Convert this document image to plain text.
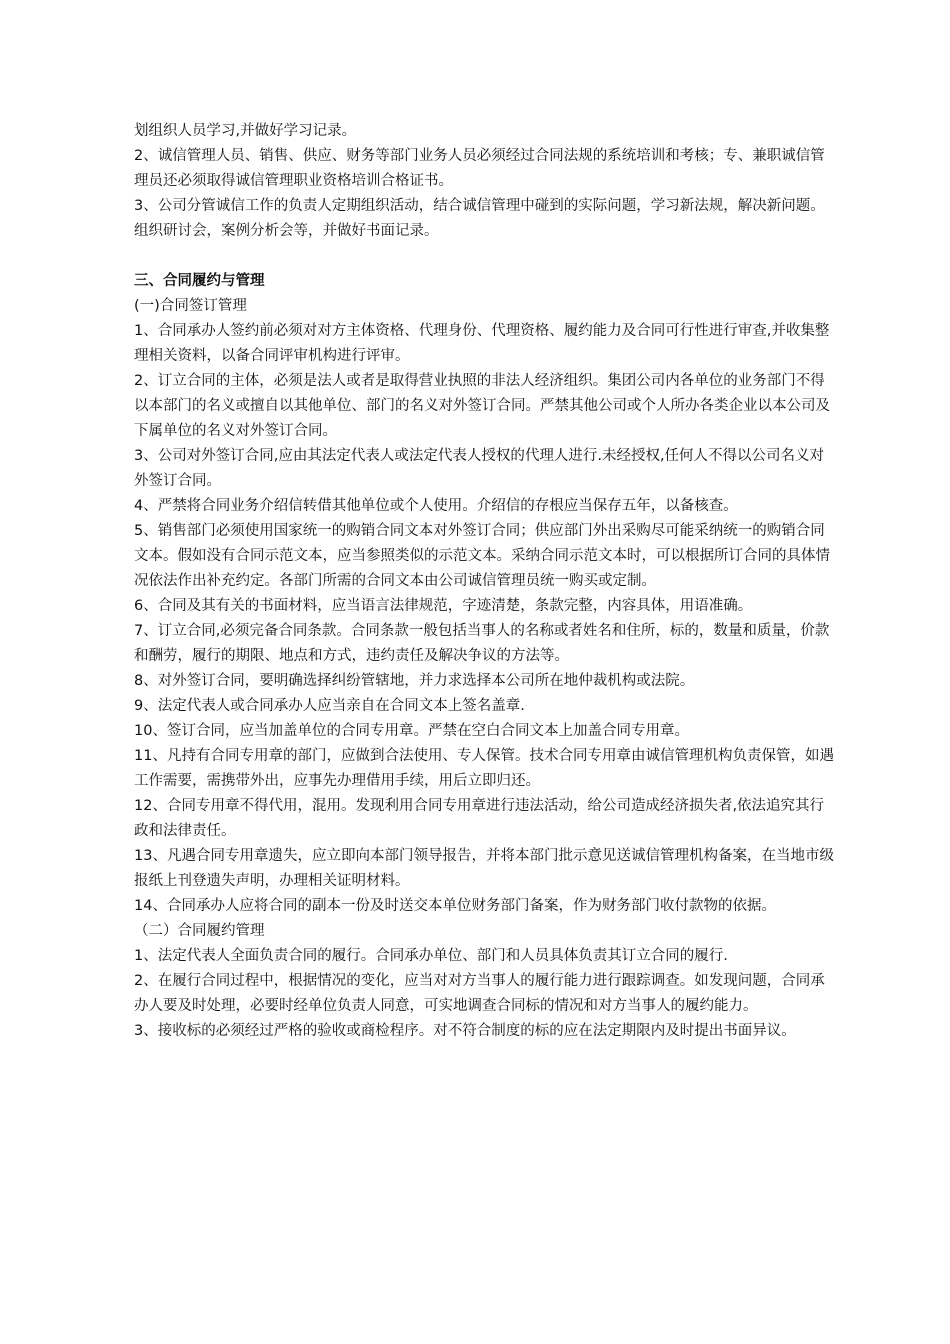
划组织人员学习,并做好学习记录。

2、诚信管理人员、销售、供应、财务等部门业务人员必须经过合同法规的系统培训和考核；专、兼职诚信管理员还必须取得诚信管理职业资格培训合格证书。

3、公司分管诚信工作的负责人定期组织活动，结合诚信管理中碰到的实际问题，学习新法规，解决新问题。组织研讨会，案例分析会等，并做好书面记录。

三、合同履约与管理

(一)合同签订管理

1、合同承办人签约前必须对对方主体资格、代理身份、代理资格、履约能力及合同可行性进行审查,并收集整理相关资料，以备合同评审机构进行评审。

2、订立合同的主体，必须是法人或者是取得营业执照的非法人经济组织。集团公司内各单位的业务部门不得以本部门的名义或擅自以其他单位、部门的名义对外签订合同。严禁其他公司或个人所办各类企业以本公司及下属单位的名义对外签订合同。

3、公司对外签订合同,应由其法定代表人或法定代表人授权的代理人进行.未经授权,任何人不得以公司名义对外签订合同。

4、严禁将合同业务介绍信转借其他单位或个人使用。介绍信的存根应当保存五年，以备核查。

5、销售部门必须使用国家统一的购销合同文本对外签订合同；供应部门外出采购尽可能采纳统一的购销合同文本。假如没有合同示范文本，应当参照类似的示范文本。采纳合同示范文本时，可以根据所订合同的具体情况依法作出补充约定。各部门所需的合同文本由公司诚信管理员统一购买或定制。

6、合同及其有关的书面材料，应当语言法律规范，字迹清楚，条款完整，内容具体，用语准确。

7、订立合同,必须完备合同条款。合同条款一般包括当事人的名称或者姓名和住所，标的，数量和质量，价款和酬劳，履行的期限、地点和方式，违约责任及解决争议的方法等。

8、对外签订合同，要明确选择纠纷管辖地，并力求选择本公司所在地仲裁机构或法院。

9、法定代表人或合同承办人应当亲自在合同文本上签名盖章.

10、签订合同，应当加盖单位的合同专用章。严禁在空白合同文本上加盖合同专用章。

11、凡持有合同专用章的部门，应做到合法使用、专人保管。技术合同专用章由诚信管理机构负责保管，如遇工作需要，需携带外出，应事先办理借用手续，用后立即归还。

12、合同专用章不得代用，混用。发现利用合同专用章进行违法活动，给公司造成经济损失者,依法追究其行政和法律责任。

13、凡遇合同专用章遗失，应立即向本部门领导报告，并将本部门批示意见送诚信管理机构备案，在当地市级报纸上刊登遗失声明，办理相关证明材料。

14、合同承办人应将合同的副本一份及时送交本单位财务部门备案，作为财务部门收付款物的依据。

（二）合同履约管理

1、法定代表人全面负责合同的履行。合同承办单位、部门和人员具体负责其订立合同的履行.

2、在履行合同过程中，根据情况的变化，应当对对方当事人的履行能力进行跟踪调查。如发现问题，合同承办人要及时处理，必要时经单位负责人同意，可实地调查合同标的情况和对方当事人的履约能力。

3、接收标的必须经过严格的验收或商检程序。对不符合制度的标的应在法定期限内及时提出书面异议。
